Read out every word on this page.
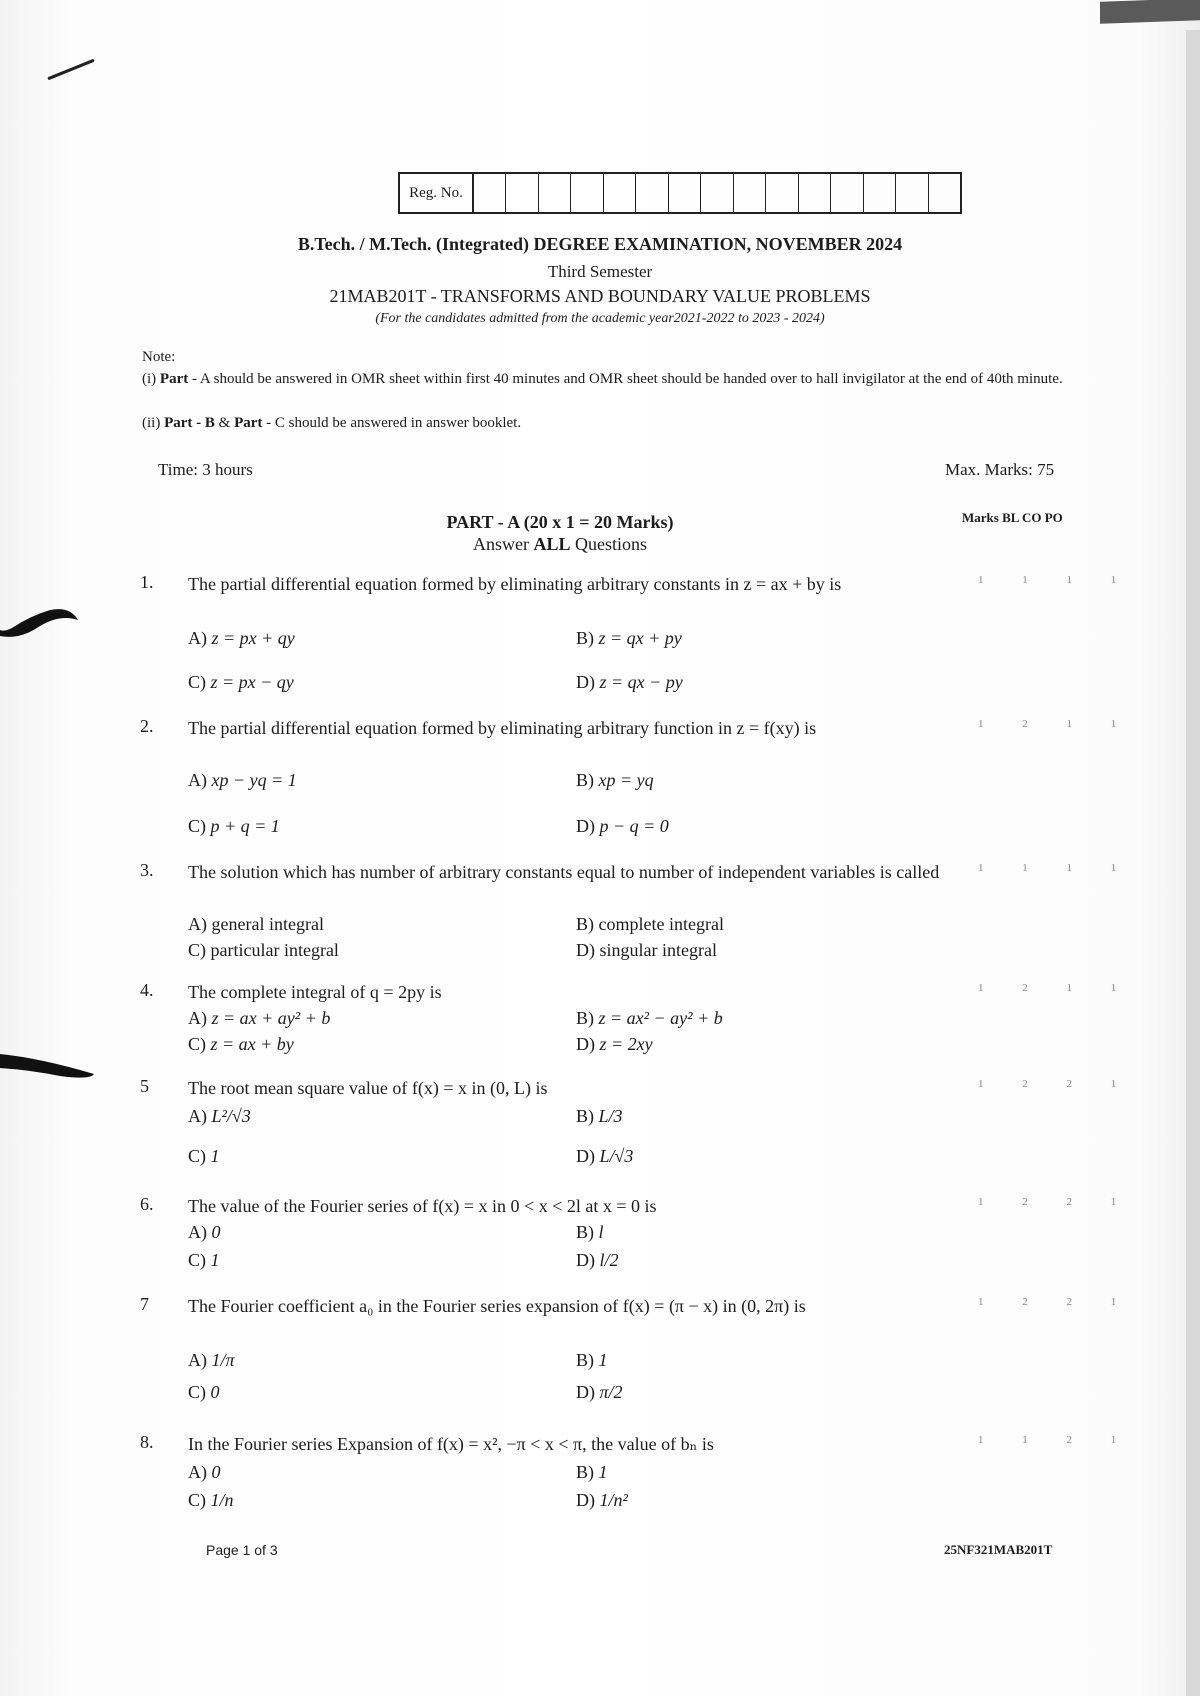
Reg. No.
B.Tech. / M.Tech. (Integrated) DEGREE EXAMINATION, NOVEMBER 2024
Third Semester
21MAB201T - TRANSFORMS AND BOUNDARY VALUE PROBLEMS
(For the candidates admitted from the academic year2021-2022 to 2023 - 2024)
Note:
(i) Part - A should be answered in OMR sheet within first 40 minutes and OMR sheet should be handed over to hall invigilator at the end of 40th minute.
(ii) Part - B & Part - C should be answered in answer booklet.
Time: 3 hours	Max. Marks: 75
PART - A (20 x 1 = 20 Marks)
Answer ALL Questions
Marks BL CO PO
1. The partial differential equation formed by eliminating arbitrary constants in z = ax + by is	1 1 1 1
A) z = px + qy	B) z = qx + py
C) z = px − qy	D) z = qx − py
2. The partial differential equation formed by eliminating arbitrary function in z = f(xy) is	1 2 1 1
A) xp − yq = 1	B) xp = yq
C) p + q = 1	D) p − q = 0
3. The solution which has number of arbitrary constants equal to number of independent variables is called	1 1 1 1
A) general integral	B) complete integral
C) particular integral	D) singular integral
4. The complete integral of q = 2py is	1 2 1 1
A) z = ax + ay² + b	B) z = ax² − ay² + b
C) z = ax + by	D) z = 2xy
5 The root mean square value of f(x) = x in (0, L) is	1 2 2 1
A) L²/√3	B) L/3
C) 1	D) L/√3
6. The value of the Fourier series of f(x) = x in 0 < x < 2l at x = 0 is	1 2 2 1
A) 0	B) l
C) 1	D) l/2
7 The Fourier coefficient a₀ in the Fourier series expansion of f(x) = (π − x) in (0, 2π) is	1 2 2 1
A) 1/π	B) 1
C) 0	D) π/2
8. In the Fourier series Expansion of f(x) = x², −π < x < π, the value of bₙ is	1 1 2 1
A) 0	B) 1
C) 1/n	D) 1/n²
Page 1 of 3	25NF321MAB201T
